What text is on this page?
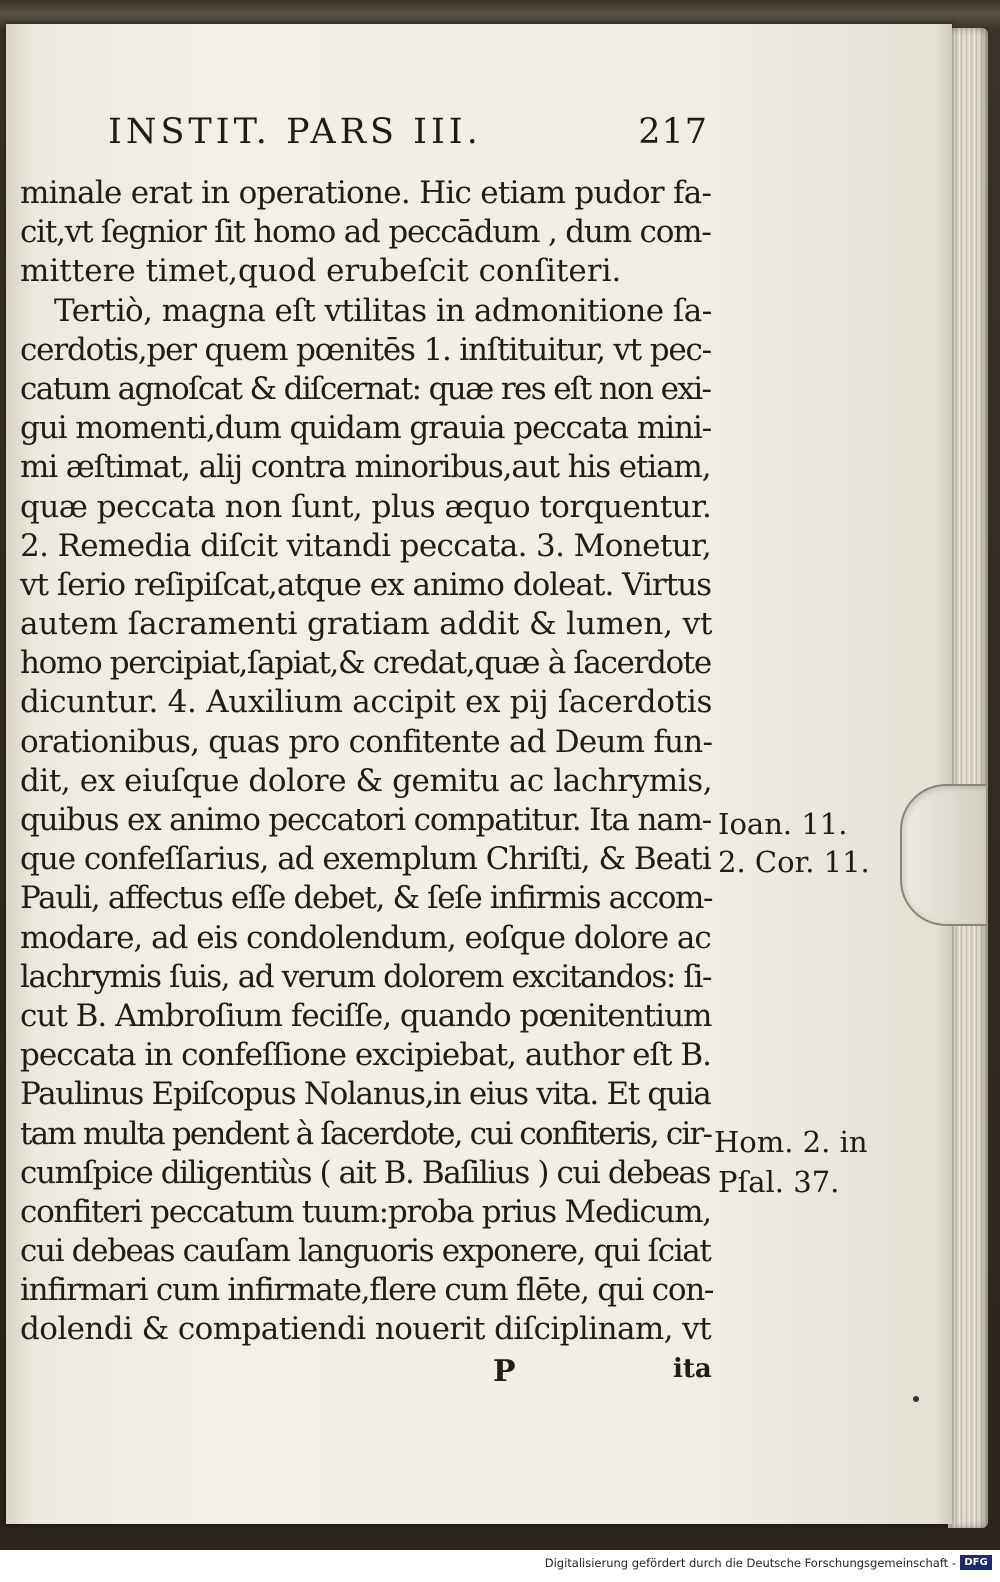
INSTIT. PARS III.	217
minale erat in operatione. Hic etiam pudor fa-
cit,vt ſegnior ſit homo ad peccādum , dum com-
mittere timet,quod erubeſcit conſiteri.
Tertiò, magna eſt vtilitas in admonitione ſa-
cerdotis,per quem pœnitēs 1. inſtituitur, vt pec-
catum agnoſcat & diſcernat: quæ res eſt non exi-
gui momenti,dum quidam grauia peccata mini-
mi æſtimat, alij contra minoribus,aut his etiam,
quæ peccata non ſunt, plus æquo torquentur.
2. Remedia diſcit vitandi peccata. 3. Monetur,
vt ſerio reſipiſcat,atque ex animo doleat. Virtus
autem ſacramenti gratiam addit & lumen, vt
homo percipiat,ſapiat,& credat,quæ à ſacerdote
dicuntur. 4. Auxilium accipit ex pij ſacerdotis
orationibus, quas pro confitente ad Deum fun-
dit, ex eiuſque dolore & gemitu ac lachrymis,
quibus ex animo peccatori compatitur. Ita nam-
que confeſſarius, ad exemplum Chriſti, & Beati
Pauli, affectus eſſe debet, & ſeſe infirmis accom-
modare, ad eis condolendum, eoſque dolore ac
lachrymis ſuis, ad verum dolorem excitandos: ſi-
cut B. Ambroſium feciſſe, quando pœnitentium
peccata in confeſſione excipiebat, author eſt B.
Paulinus Epiſcopus Nolanus,in eius vita. Et quia
tam multa pendent à ſacerdote, cui confiteris, cir-
cumſpice diligentiùs ( ait B. Baſilius ) cui debeas
confiteri peccatum tuum:proba prius Medicum,
cui debeas cauſam languoris exponere, qui ſciat
infirmari cum infirmate,flere cum flēte, qui con-
dolendi & compatiendi nouerit diſciplinam, vt
Ioan. 11.
2. Cor. 11.
Hom. 2. in
Pſal. 37.
P	ita
Digitalisierung gefördert durch die Deutsche Forschungsgemeinschaft - DFG
